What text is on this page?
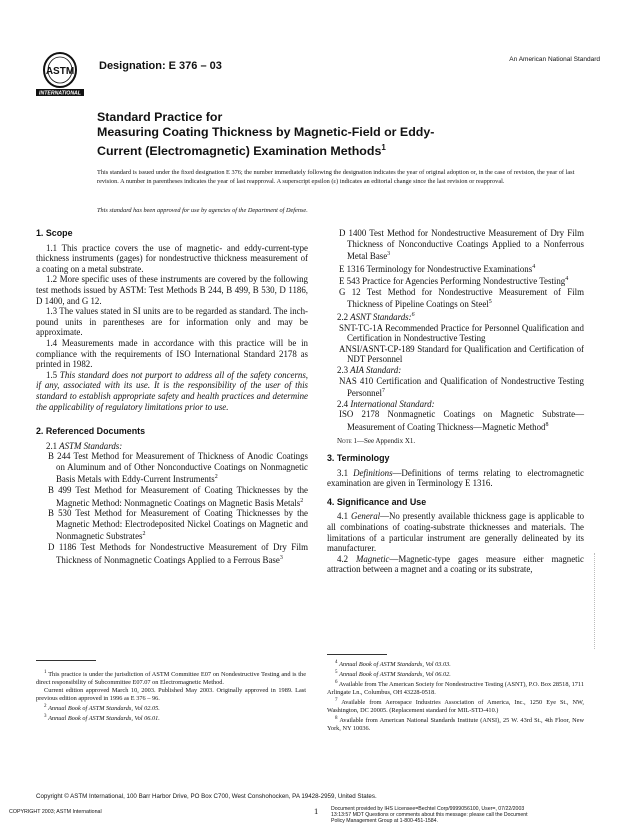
ASTM
INTERNATIONAL
Designation: E 376 – 03
An American National Standard
Standard Practice for
Measuring Coating Thickness by Magnetic-Field or Eddy-
Current (Electromagnetic) Examination Methods$^1$
This standard is issued under the fixed designation E 376; the number immediately following the designation indicates the year of original adoption or, in the case of revision, the year of last revision. A number in parentheses indicates the year of last reapproval. A superscript epsilon (ε) indicates an editorial change since the last revision or reapproval.
This standard has been approved for use by agencies of the Department of Defense.
1. Scope

1.1 This practice covers the use of magnetic- and eddy-current-type thickness instruments (gages) for nondestructive thickness measurement of a coating on a metal substrate.

1.2 More specific uses of these instruments are covered by the following test methods issued by ASTM: Test Methods B 244, B 499, B 530, D 1186, D 1400, and G 12.

1.3 The values stated in SI units are to be regarded as standard. The inch-pound units in parentheses are for information only and may be approximate.

1.4 Measurements made in accordance with this practice will be in compliance with the requirements of ISO International Standard 2178 as printed in 1982.

1.5 This standard does not purport to address all of the safety concerns, if any, associated with its use. It is the responsibility of the user of this standard to establish appropriate safety and health practices and determine the applicability of regulatory limitations prior to use.

2. Referenced Documents
2.1 ASTM Standards:
B 244 Test Method for Measurement of Thickness of Anodic Coatings on Aluminum and of Other Nonconductive Coatings on Nonmagnetic Basis Metals with Eddy-Current Instruments$^2$
B 499 Test Method for Measurement of Coating Thicknesses by the Magnetic Method: Nonmagnetic Coatings on Magnetic Basis Metals$^2$
B 530 Test Method for Measurement of Coating Thicknesses by the Magnetic Method: Electrodeposited Nickel Coatings on Magnetic and Nonmagnetic Substrates$^2$
D 1186 Test Methods for Nondestructive Measurement of Dry Film Thickness of Nonmagnetic Coatings Applied to a Ferrous Base$^3$
D 1400 Test Method for Nondestructive Measurement of Dry Film Thickness of Nonconductive Coatings Applied to a Nonferrous Metal Base$^3$
E 1316 Terminology for Nondestructive Examinations$^4$
E 543 Practice for Agencies Performing Nondestructive Testing$^4$
G 12 Test Method for Nondestructive Measurement of Film Thickness of Pipeline Coatings on Steel$^5$
2.2 ASNT Standards:$^6$
SNT-TC-1A Recommended Practice for Personnel Qualification and Certification in Nondestructive Testing
ANSI/ASNT-CP-189 Standard for Qualification and Certification of NDT Personnel
2.3 AIA Standard:
NAS 410 Certification and Qualification of Nondestructive Testing Personnel$^7$
2.4 International Standard:
ISO 2178 Nonmagnetic Coatings on Magnetic Substrate—Measurement of Coating Thickness—Magnetic Method$^8$
Note 1—See Appendix X1.
3. Terminology

3.1 Definitions—Definitions of terms relating to electromagnetic examination are given in Terminology E 1316.

4. Significance and Use

4.1 General—No presently available thickness gage is applicable to all combinations of coating-substrate thicknesses and materials. The limitations of a particular instrument are generally delineated by its manufacturer.

4.2 Magnetic—Magnetic-type gages measure either magnetic attraction between a magnet and a coating or its substrate,

$^1$ This practice is under the jurisdiction of ASTM Committee E07 on Nondestructive Testing and is the direct responsibility of Subcommittee E07.07 on Electromagnetic Method.

Current edition approved March 10, 2003. Published May 2003. Originally approved in 1989. Last previous edition approved in 1996 as E 376 – 96.

$^2$ Annual Book of ASTM Standards, Vol 02.05.

$^3$ Annual Book of ASTM Standards, Vol 06.01.

$^4$ Annual Book of ASTM Standards, Vol 03.03.

$^5$ Annual Book of ASTM Standards, Vol 06.02.

$^6$ Available from The American Society for Nondestructive Testing (ASNT), P.O. Box 28518, 1711 Arlingate Ln., Columbus, OH 43228-0518.

$^7$ Available from Aerospace Industries Association of America, Inc., 1250 Eye St., NW, Washington, DC 20005. (Replacement standard for MIL-STD-410.)

$^8$ Available from American National Standards Institute (ANSI), 25 W. 43rd St., 4th Floor, New York, NY 10036.

Copyright © ASTM International, 100 Barr Harbor Drive, PO Box C700, West Conshohocken, PA 19428-2959, United States.
COPYRIGHT 2003; ASTM International	1 Document provided by IHS Licensee=Bechtel Corp/9999056100, User=, 07/22/2003
13:13:57 MDT Questions or comments about this message: please call the Document
Policy Management Group at 1-800-451-1584.
